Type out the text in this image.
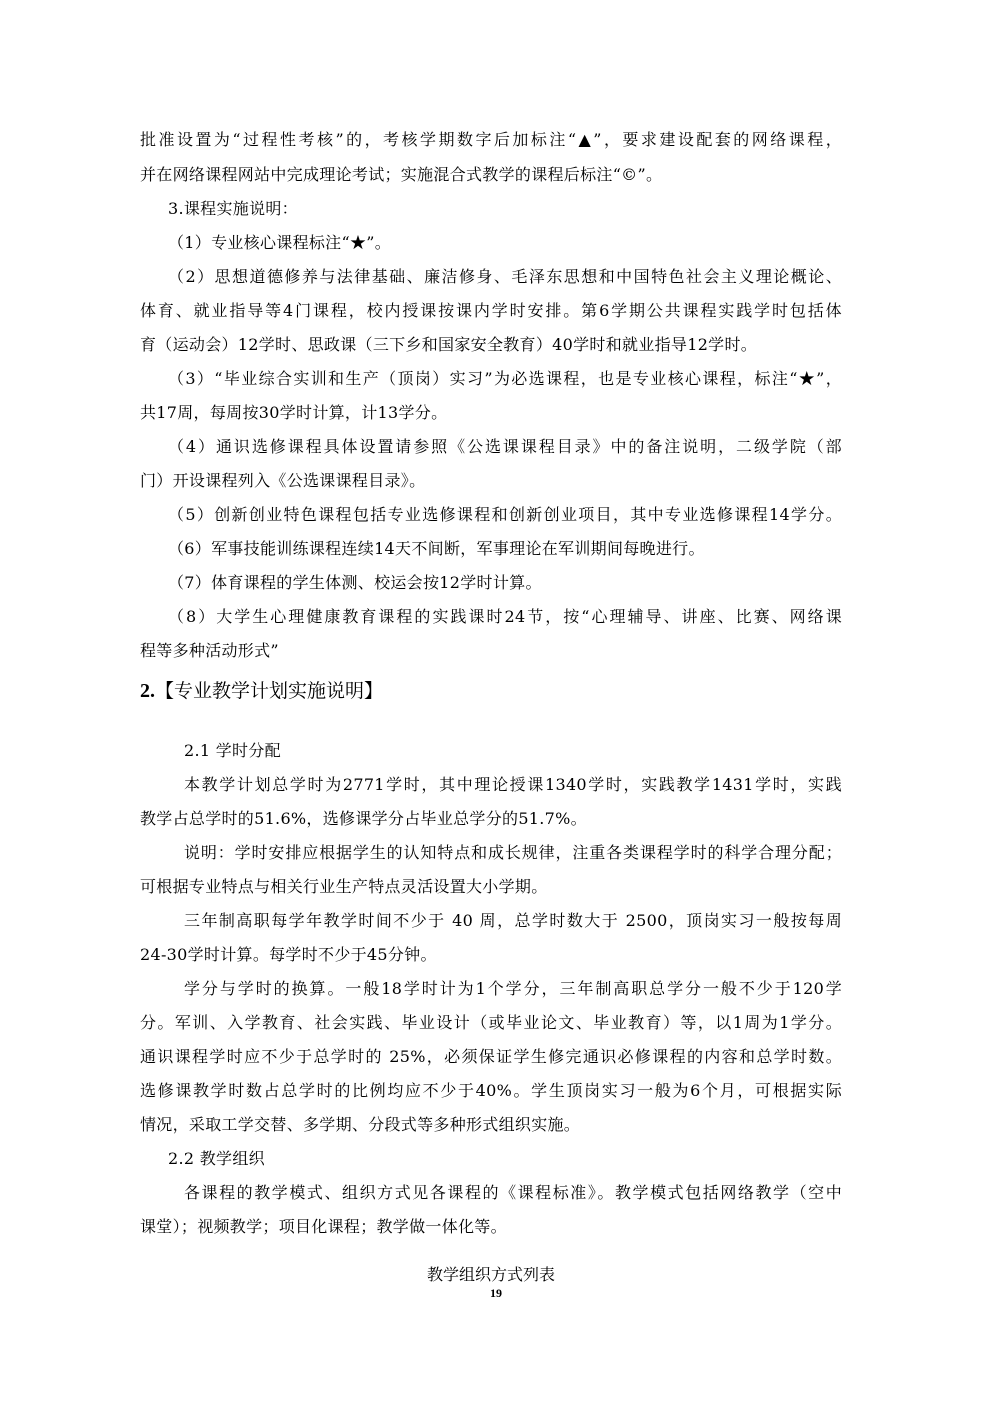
批准设置为“过程性考核”的，考核学期数字后加标注“▲”，要求建设配套的网络课程，
并在网络课程网站中完成理论考试；实施混合式教学的课程后标注“©”。
3.课程实施说明：
（1）专业核心课程标注“★”。
（2）思想道德修养与法律基础、廉洁修身、毛泽东思想和中国特色社会主义理论概论、
体育、就业指导等4门课程，校内授课按课内学时安排。第6学期公共课程实践学时包括体
育（运动会）12学时、思政课（三下乡和国家安全教育）40学时和就业指导12学时。
（3）“毕业综合实训和生产（顶岗）实习”为必选课程，也是专业核心课程，标注“★”，
共17周，每周按30学时计算，计13学分。
（4）通识选修课程具体设置请参照《公选课课程目录》中的备注说明，二级学院（部
门）开设课程列入《公选课课程目录》。
（5）创新创业特色课程包括专业选修课程和创新创业项目，其中专业选修课程14学分。
（6）军事技能训练课程连续14天不间断，军事理论在军训期间每晚进行。
（7）体育课程的学生体测、校运会按12学时计算。
（8）大学生心理健康教育课程的实践课时24节，按“心理辅导、讲座、比赛、网络课
程等多种活动形式”
2.【专业教学计划实施说明】
2.1 学时分配
本教学计划总学时为2771学时，其中理论授课1340学时，实践教学1431学时，实践
教学占总学时的51.6%，选修课学分占毕业总学分的51.7%。
说明：学时安排应根据学生的认知特点和成长规律，注重各类课程学时的科学合理分配；
可根据专业特点与相关行业生产特点灵活设置大小学期。
三年制高职每学年教学时间不少于 40 周，总学时数大于 2500，顶岗实习一般按每周
24-30学时计算。每学时不少于45分钟。
学分与学时的换算。一般18学时计为1个学分，三年制高职总学分一般不少于120学
分。军训、入学教育、社会实践、毕业设计（或毕业论文、毕业教育）等，以1周为1学分。
通识课程学时应不少于总学时的 25%，必须保证学生修完通识必修课程的内容和总学时数。
选修课教学时数占总学时的比例均应不少于40%。学生顶岗实习一般为6个月，可根据实际
情况，采取工学交替、多学期、分段式等多种形式组织实施。
2.2 教学组织
各课程的教学模式、组织方式见各课程的《课程标准》。教学模式包括网络教学（空中
课堂）；视频教学；项目化课程；教学做一体化等。
教学组织方式列表
19
